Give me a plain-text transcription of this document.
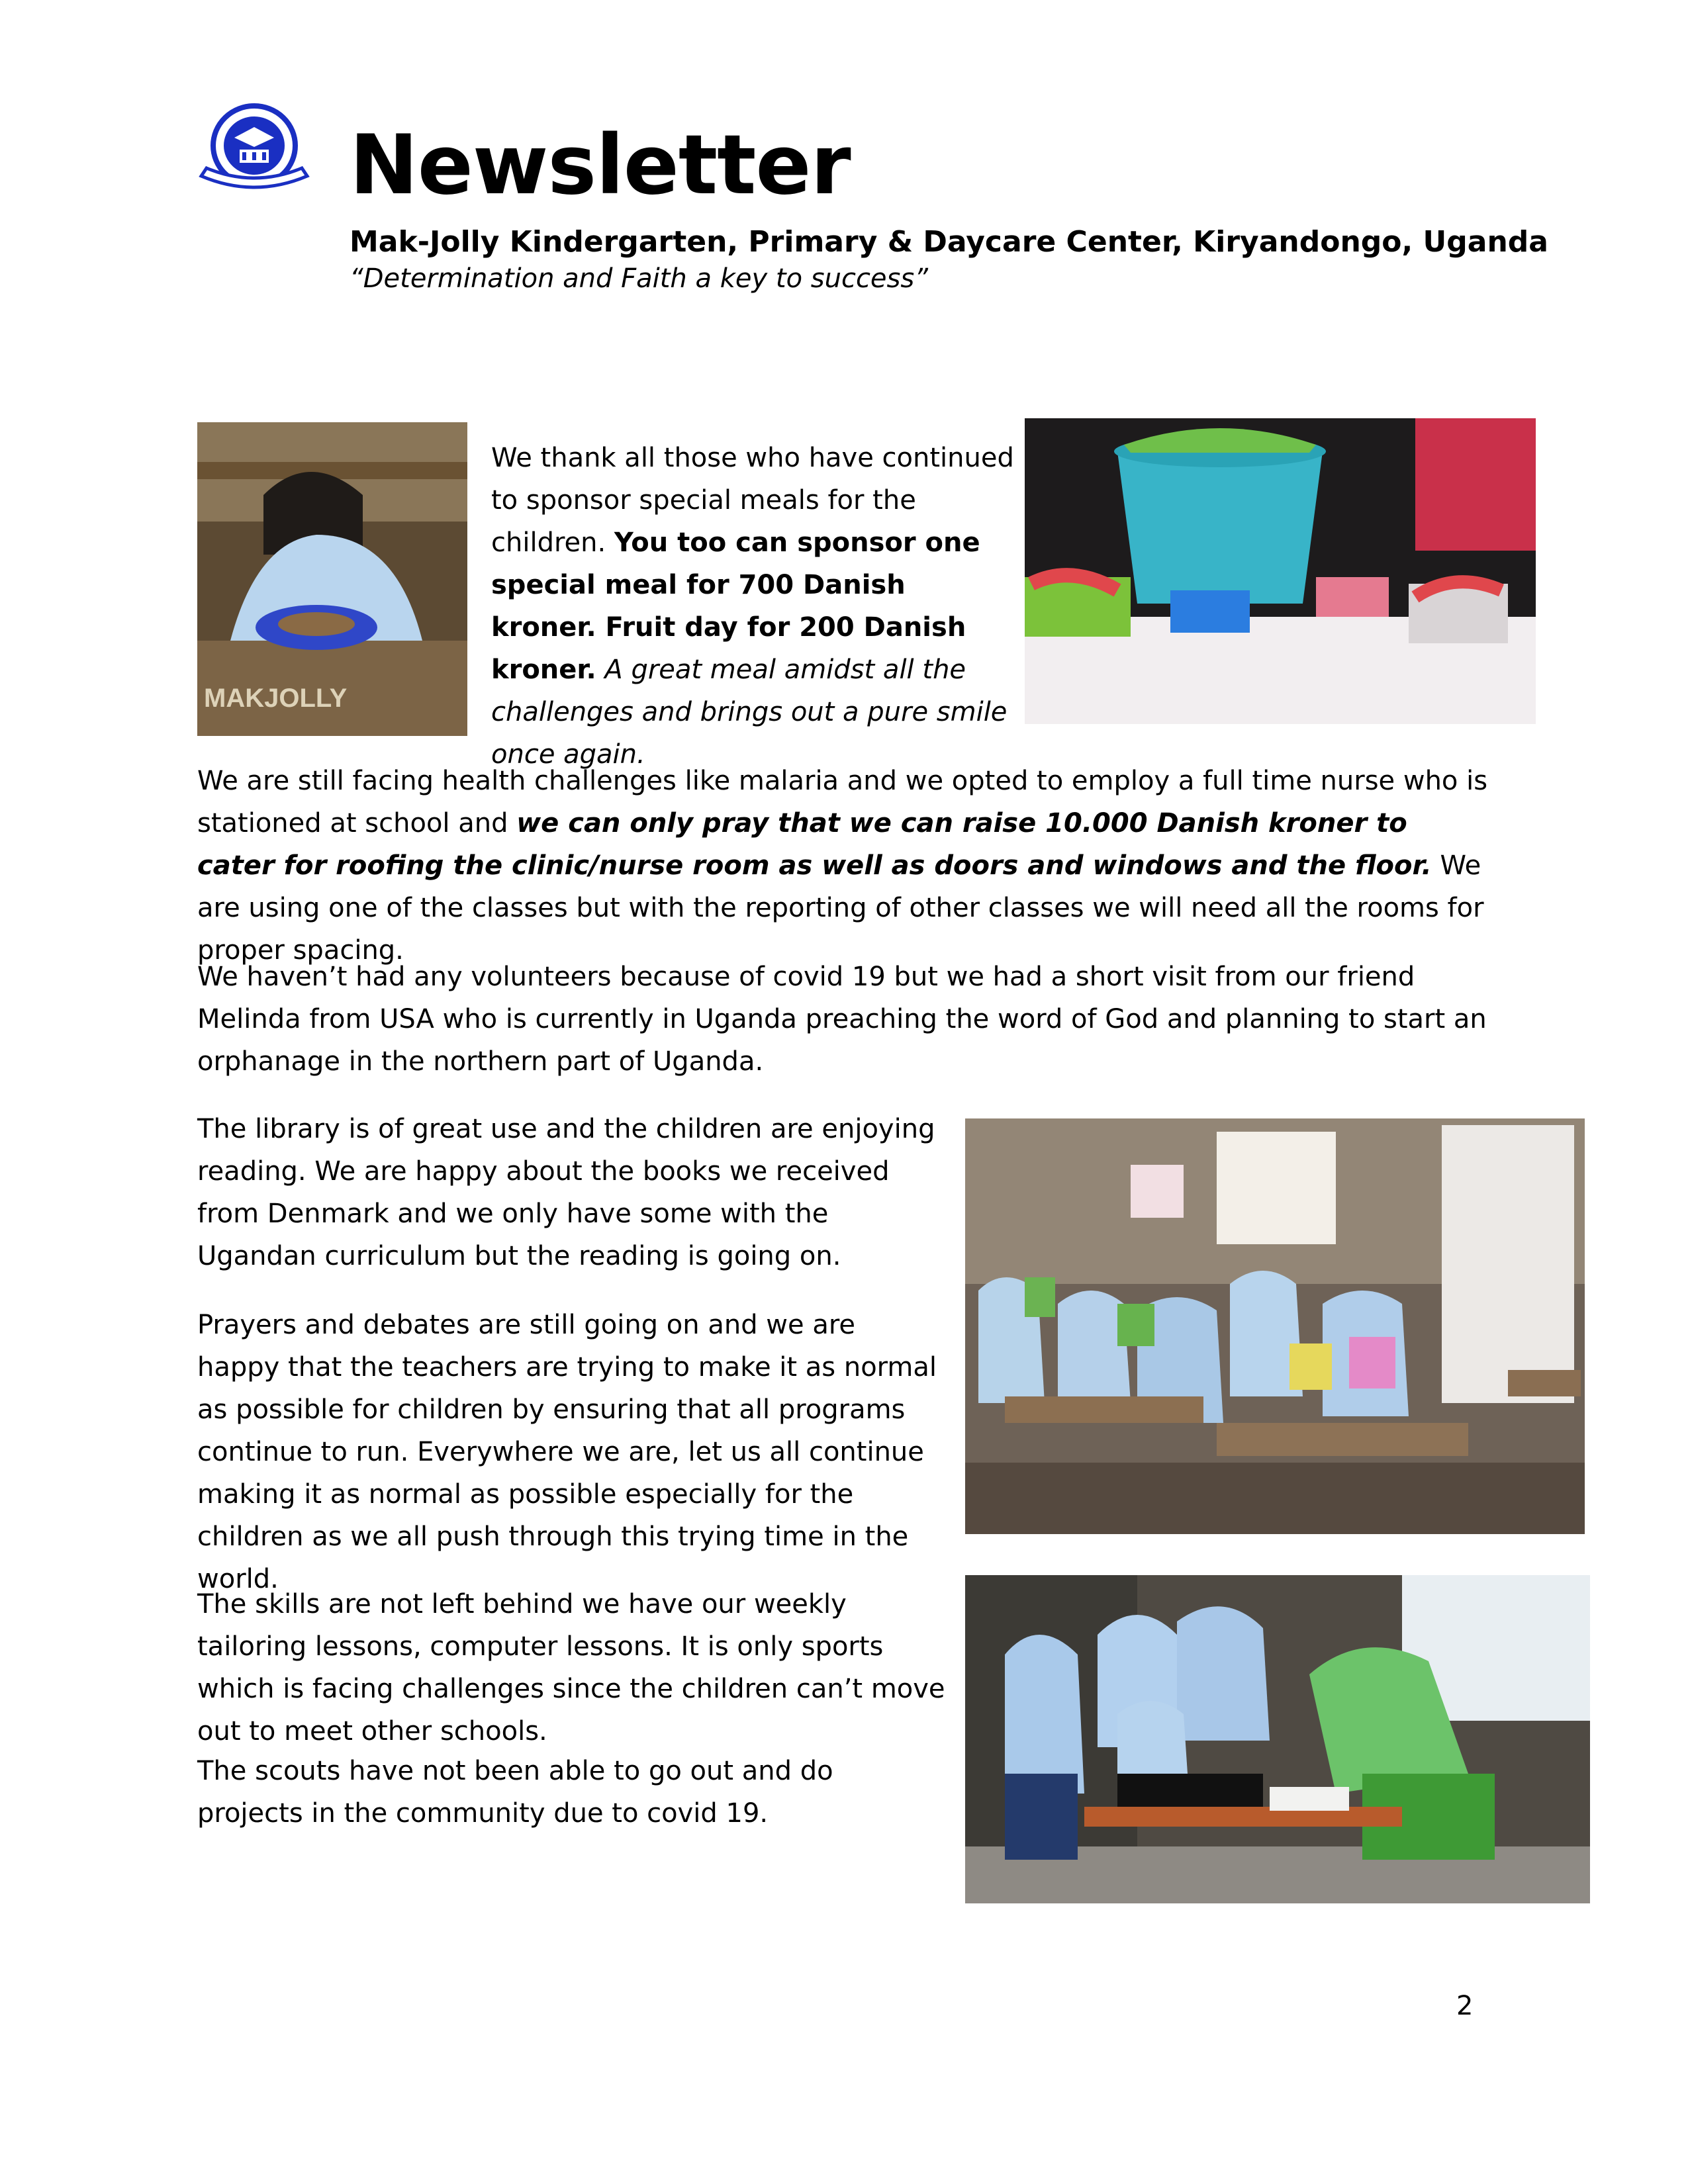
Newsletter
Mak-Jolly Kindergarten, Primary & Daycare Center, Kiryandongo, Uganda
“Determination and Faith a key to success”
MAKJOLLY
We thank all those who have continued to sponsor special meals for the children. You too can sponsor one special meal for 700 Danish kroner. Fruit day for 200 Danish kroner. A great meal amidst all the challenges and brings out a pure smile once again.

We are still facing health challenges like malaria and we opted to employ a full time nurse who is stationed at school and we can only pray that we can raise 10.000 Danish kroner to cater for roofing the clinic/nurse room as well as doors and windows and the floor. We are using one of the classes but with the reporting of other classes we will need all the rooms for proper spacing.

We haven’t had any volunteers because of covid 19 but we had a short visit from our friend Melinda from USA who is currently in Uganda preaching the word of God and planning to start an orphanage in the northern part of Uganda.

The library is of great use and the children are enjoying reading. We are happy about the books we received from Denmark and we only have some with the Ugandan curriculum but the reading is going on.

Prayers and debates are still going on and we are happy that the teachers are trying to make it as normal as possible for children by ensuring that all programs continue to run. Everywhere we are, let us all continue making it as normal as possible especially for the children as we all push through this trying time in the world.

The skills are not left behind we have our weekly tailoring lessons, computer lessons. It is only sports which is facing challenges since the children can’t move out to meet other schools.

The scouts have not been able to go out and do projects in the community due to covid 19.

2
